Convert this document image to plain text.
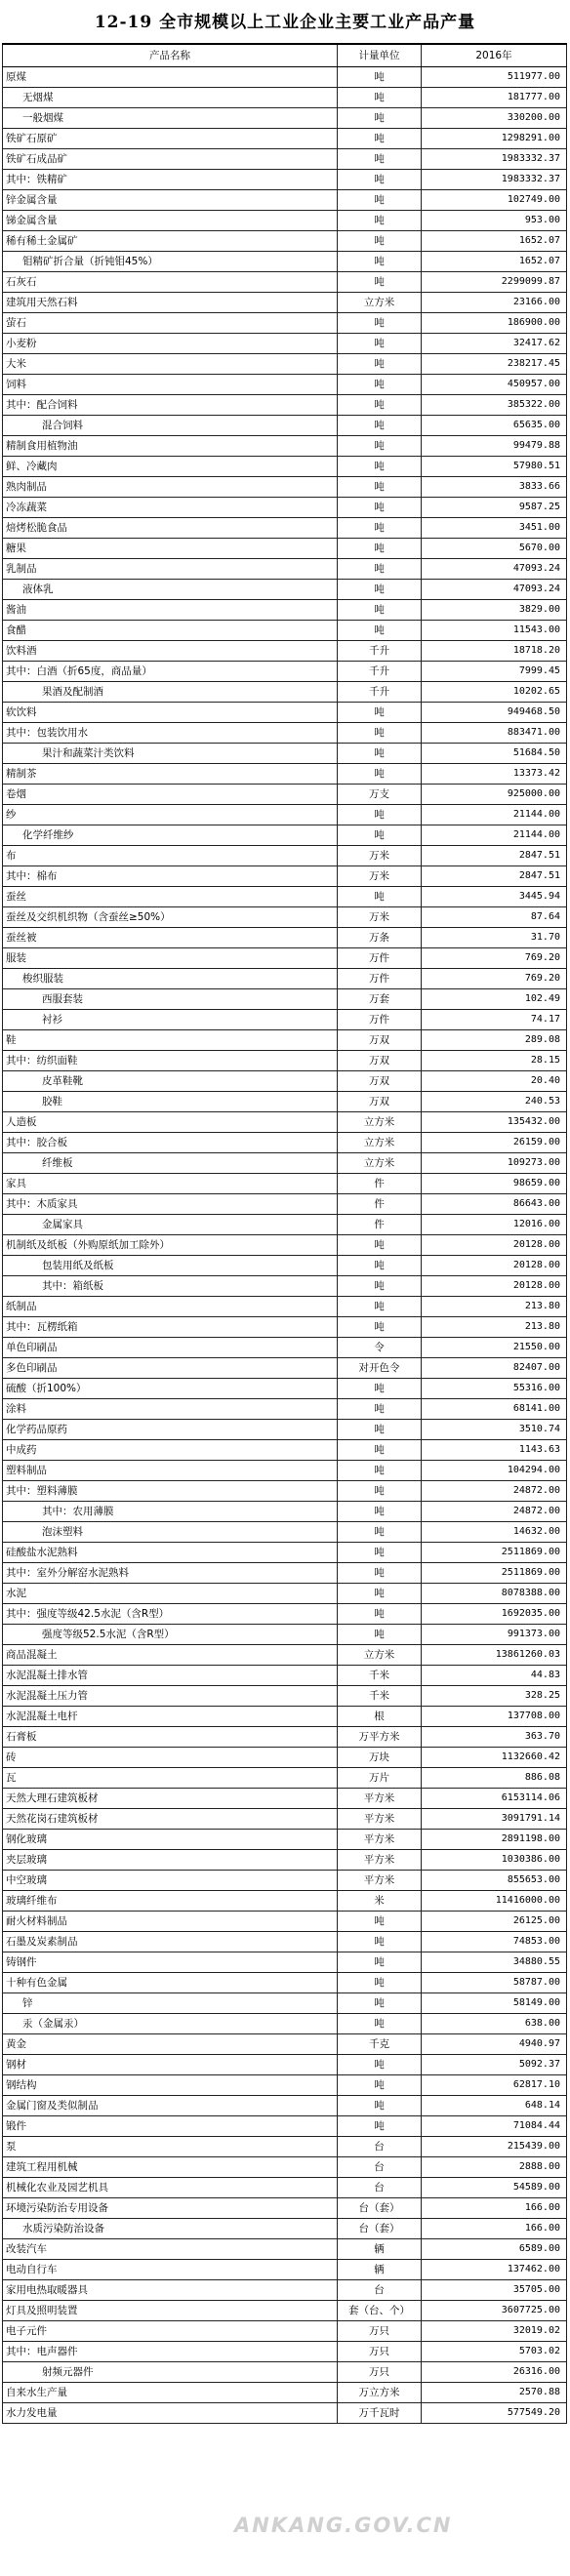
12-19 全市规模以上工业企业主要工业产品产量
产品名称	计量单位	2016年
原煤	吨	511977.00
无烟煤	吨	181777.00
一般烟煤	吨	330200.00
铁矿石原矿	吨	1298291.00
铁矿石成品矿	吨	1983332.37
其中：铁精矿	吨	1983332.37
锌金属含量	吨	102749.00
锑金属含量	吨	953.00
稀有稀土金属矿	吨	1652.07
钼精矿折合量（折钝钼45%）	吨	1652.07
石灰石	吨	2299099.87
建筑用天然石料	立方米	23166.00
萤石	吨	186900.00
小麦粉	吨	32417.62
大米	吨	238217.45
饲料	吨	450957.00
其中：配合饲料	吨	385322.00
混合饲料	吨	65635.00
精制食用植物油	吨	99479.88
鲜、冷藏肉	吨	57980.51
熟肉制品	吨	3833.66
冷冻蔬菜	吨	9587.25
焙烤松脆食品	吨	3451.00
糖果	吨	5670.00
乳制品	吨	47093.24
液体乳	吨	47093.24
酱油	吨	3829.00
食醋	吨	11543.00
饮料酒	千升	18718.20
其中：白酒（折65度，商品量）	千升	7999.45
果酒及配制酒	千升	10202.65
软饮料	吨	949468.50
其中：包装饮用水	吨	883471.00
果汁和蔬菜汁类饮料	吨	51684.50
精制茶	吨	13373.42
卷烟	万支	925000.00
纱	吨	21144.00
化学纤维纱	吨	21144.00
布	万米	2847.51
其中：棉布	万米	2847.51
蚕丝	吨	3445.94
蚕丝及交织机织物（含蚕丝≥50%）	万米	87.64
蚕丝被	万条	31.70
服装	万件	769.20
梭织服装	万件	769.20
西服套装	万套	102.49
衬衫	万件	74.17
鞋	万双	289.08
其中：纺织面鞋	万双	28.15
皮革鞋靴	万双	20.40
胶鞋	万双	240.53
人造板	立方米	135432.00
其中：胶合板	立方米	26159.00
纤维板	立方米	109273.00
家具	件	98659.00
其中：木质家具	件	86643.00
金属家具	件	12016.00
机制纸及纸板（外购原纸加工除外）	吨	20128.00
包装用纸及纸板	吨	20128.00
其中：箱纸板	吨	20128.00
纸制品	吨	213.80
其中：瓦楞纸箱	吨	213.80
单色印刷品	令	21550.00
多色印刷品	对开色令	82407.00
硫酸（折100%）	吨	55316.00
涂料	吨	68141.00
化学药品原药	吨	3510.74
中成药	吨	1143.63
塑料制品	吨	104294.00
其中：塑料薄膜	吨	24872.00
其中：农用薄膜	吨	24872.00
泡沫塑料	吨	14632.00
硅酸盐水泥熟料	吨	2511869.00
其中：室外分解窑水泥熟料	吨	2511869.00
水泥	吨	8078388.00
其中：强度等级42.5水泥（含R型）	吨	1692035.00
强度等级52.5水泥（含R型）	吨	991373.00
商品混凝土	立方米	13861260.03
水泥混凝土排水管	千米	44.83
水泥混凝土压力管	千米	328.25
水泥混凝土电杆	根	137708.00
石膏板	万平方米	363.70
砖	万块	1132660.42
瓦	万片	886.08
天然大理石建筑板材	平方米	6153114.06
天然花岗石建筑板材	平方米	3091791.14
钢化玻璃	平方米	2891198.00
夹层玻璃	平方米	1030386.00
中空玻璃	平方米	855653.00
玻璃纤维布	米	11416000.00
耐火材料制品	吨	26125.00
石墨及炭素制品	吨	74853.00
铸钢件	吨	34880.55
十种有色金属	吨	58787.00
锌	吨	58149.00
汞（金属汞）	吨	638.00
黄金	千克	4940.97
钢材	吨	5092.37
钢结构	吨	62817.10
金属门窗及类似制品	吨	648.14
锻件	吨	71084.44
泵	台	215439.00
建筑工程用机械	台	2888.00
机械化农业及园艺机具	台	54589.00
环境污染防治专用设备	台（套）	166.00
水质污染防治设备	台（套）	166.00
改装汽车	辆	6589.00
电动自行车	辆	137462.00
家用电热取暖器具	台	35705.00
灯具及照明装置	套（台、个）	3607725.00
电子元件	万只	32019.02
其中：电声器件	万只	5703.02
射频元器件	万只	26316.00
自来水生产量	万立方米	2570.88
水力发电量	万千瓦时	577549.20
ANKANG.GOV.CN
